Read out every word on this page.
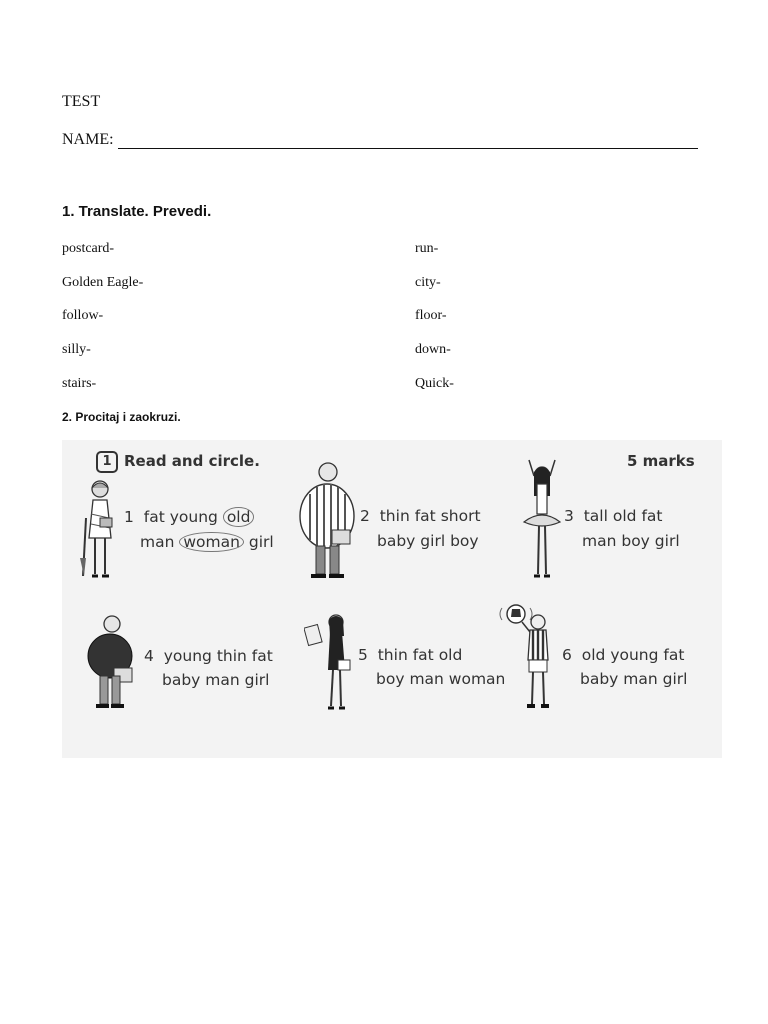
TEST
NAME:
1. Translate. Prevedi.
postcard-
Golden Eagle-
follow-
silly-
stairs-
run-
city-
floor-
down-
Quick-
2. Procitaj i zaokruzi.
1 Read and circle.	5 marks
1 fat young old
man woman girl
2 thin fat short
baby girl boy
3 tall old fat
man boy girl
4 young thin fat
baby man girl
5 thin fat old
boy man woman
6 old young fat
baby man girl
